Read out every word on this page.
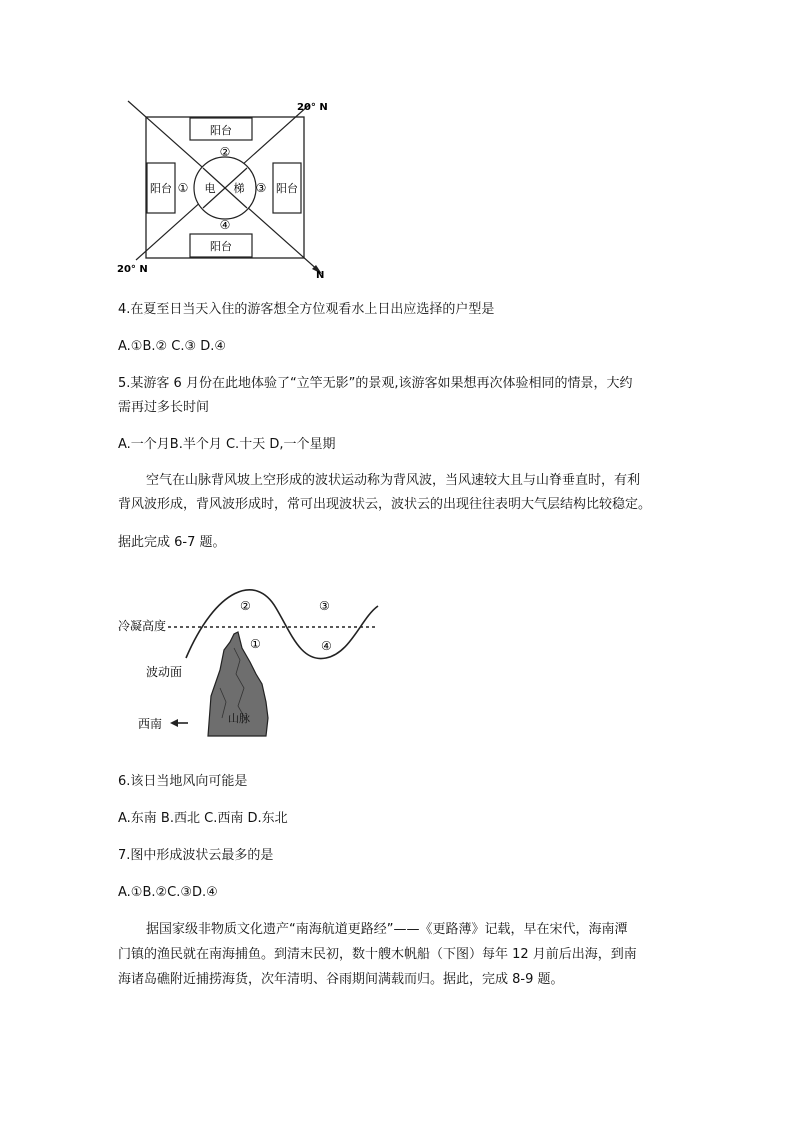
阳台
阳台
阳台	阳台
电 梯
①
②
③
④
20° N
20° N
N
4.在夏至日当天入住的游客想全方位观看水上日出应选择的户型是
A.①B.② C.③ D.④
5.某游客 6 月份在此地体验了“立竿无影”的景观,该游客如果想再次体验相同的情景，大约
需再过多长时间
A.一个月B.半个月 C.十天 D,一个星期
空气在山脉背风坡上空形成的波状运动称为背风波，当风速较大且与山脊垂直时，有利
背风波形成，背风波形成时，常可出现波状云，波状云的出现往往表明大气层结构比较稳定。
据此完成 6-7 题。
山脉
冷凝高度
波动面
西南
①
②	③
④
6.该日当地风向可能是
A.东南 B.西北 C.西南 D.东北
7.图中形成波状云最多的是
A.①B.②C.③D.④
据国家级非物质文化遗产“南海航道更路经”——《更路薄》记载，早在宋代，海南潭
门镇的渔民就在南海捕鱼。到清末民初，数十艘木帆船（下图）每年 12 月前后出海，到南
海诸岛礁附近捕捞海货，次年清明、谷雨期间满载而归。据此，完成 8-9 题。
